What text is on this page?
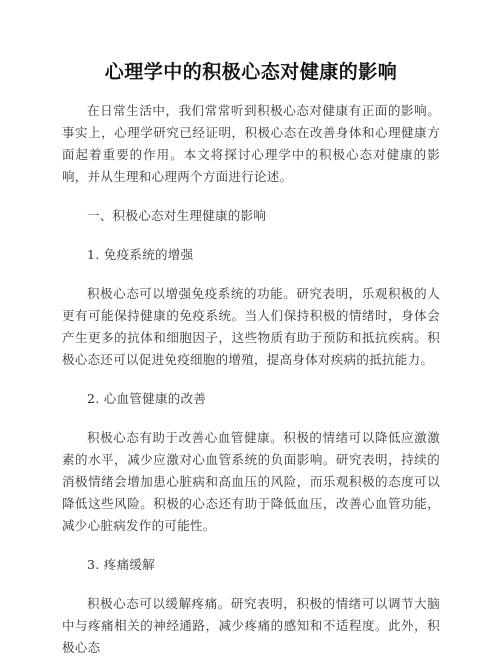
心理学中的积极心态对健康的影响

在日常生活中，我们常常听到积极心态对健康有正面的影响。事实上，心理学研究已经证明，积极心态在改善身体和心理健康方面起着重要的作用。本文将探讨心理学中的积极心态对健康的影响，并从生理和心理两个方面进行论述。

一、积极心态对生理健康的影响

1. 免疫系统的增强

积极心态可以增强免疫系统的功能。研究表明，乐观积极的人更有可能保持健康的免疫系统。当人们保持积极的情绪时，身体会产生更多的抗体和细胞因子，这些物质有助于预防和抵抗疾病。积极心态还可以促进免疫细胞的增殖，提高身体对疾病的抵抗能力。

2. 心血管健康的改善

积极心态有助于改善心血管健康。积极的情绪可以降低应激激素的水平，减少应激对心血管系统的负面影响。研究表明，持续的消极情绪会增加患心脏病和高血压的风险，而乐观积极的态度可以降低这些风险。积极的心态还有助于降低血压，改善心血管功能，减少心脏病发作的可能性。

3. 疼痛缓解

积极心态可以缓解疼痛。研究表明，积极的情绪可以调节大脑中与疼痛相关的神经通路，减少疼痛的感知和不适程度。此外，积极心态
